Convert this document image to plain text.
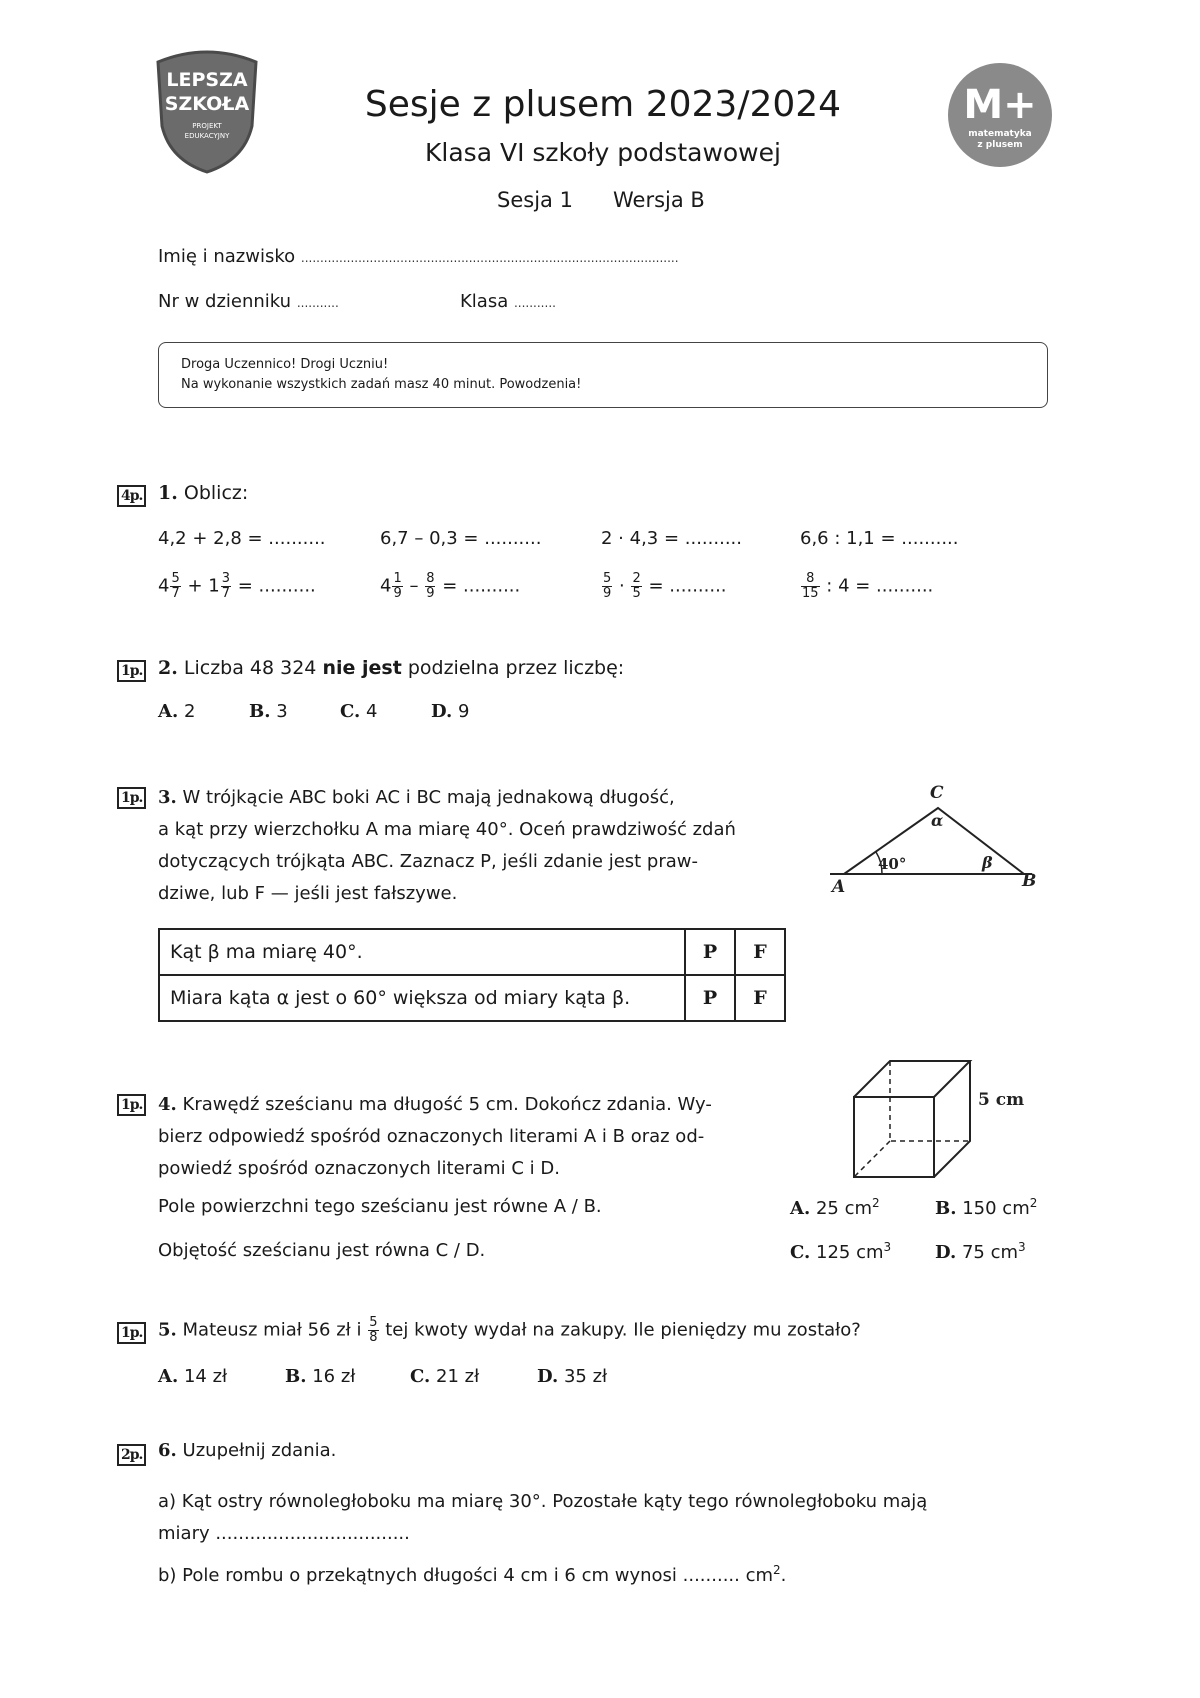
LEPSZA
SZKOŁA
PROJEKT
EDUKACYJNY
M+
matematyka
z plusem
Sesje z plusem 2023/2024
Klasa VI szkoły podstawowej
Sesja 1 Wersja B
Imię i nazwisko ...................................................................................................
Nr w dzienniku ...........	Klasa ...........
Droga Uczennico! Drogi Uczniu!
Na wykonanie wszystkich zadań masz 40 minut. Powodzenia!
4p. 1. Oblicz:
4,2 + 2,8 = ..........	6,7 – 0,3 = ..........	2 · 4,3 = ..........	6,6 : 1,1 = ..........
$4 \frac{5}{7} + 1 \frac{3}{7}$ = ..........	$4 \frac{1}{9} - \frac{8}{9}$ = ..........	$\frac{5}{9} \cdot \frac{2}{5}$ = ..........	$\frac{8}{15}$ : 4 = ..........
1p. 2. Liczba 48 324 nie jest podzielna przez liczbę:
A. 2	B. 3	C. 4	D. 9
1p. 3. W trójkącie ABC boki AC i BC mają jednakową długość,
a kąt przy wierzchołku A ma miarę 40°. Oceń prawdziwość zdań
dotyczących trójkąta ABC. Zaznacz P, jeśli zdanie jest praw-
dziwe, lub F — jeśli jest fałszywe.
C
α
40°	β
A	B
Kąt β ma miarę 40°.	P	F
Miara kąta α jest o 60° większa od miary kąta β.	P	F
1p. 4. Krawędź sześcianu ma długość 5 cm. Dokończ zdania. Wy-
bierz odpowiedź spośród oznaczonych literami A i B oraz od-
powiedź spośród oznaczonych literami C i D.
5 cm
Pole powierzchni tego sześcianu jest równe A / B.
Objętość sześcianu jest równa C / D.
A. 25 $cm^2$	B. 150 $cm^2$
C. 125 $cm^3$ D. 75 $cm^3$
1p. 5. Mateusz miał 56 zł i $\frac{5}{8}$ tej kwoty wydał na zakupy. Ile pieniędzy mu zostało?
A. 14 zł	B. 16 zł	C. 21 zł	D. 35 zł
2p. 6. Uzupełnij zdania.
a) Kąt ostry równoległoboku ma miarę 30°. Pozostałe kąty tego równoległoboku mają
miary ..................................
b) Pole rombu o przekątnych długości 4 cm i 6 cm wynosi .......... $cm^2$.
